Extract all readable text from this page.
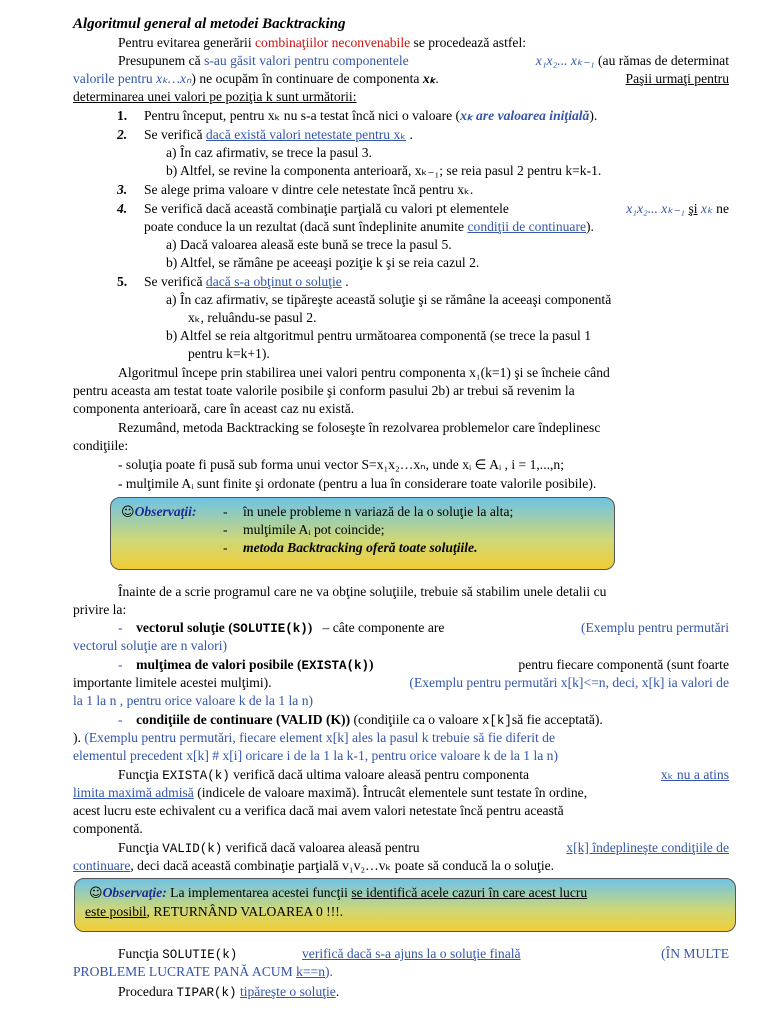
Algoritmul general al metodei Backtracking
Pentru evitarea generării combinaţiilor neconvenabile se procedează astfel:
Presupunem că s-au găsit valori pentru componentele	x₁x₂... xₖ₋₁ (au rămas de determinat
valorile pentru xₖ…xₙ) ne ocupăm în continuare de componenta xₖ.	Paşii urmaţi pentru
determinarea unei valori pe poziţia k sunt următorii:
1. Pentru început, pentru xₖ nu s-a testat încă nici o valoare (xₖ are valoarea iniţială).
2. Se verifică dacă există valori netestate pentru xₖ .
a) În caz afirmativ, se trece la pasul 3.
b) Altfel, se revine la componenta anterioară, xₖ₋₁; se reia pasul 2 pentru k=k-1.
3. Se alege prima valoare v dintre cele netestate încă pentru xₖ.
4. Se verifică dacă această combinaţie parţială cu valori pt elementele	x₁x₂... xₖ₋₁ şi xₖ ne
poate conduce la un rezultat (dacă sunt îndeplinite anumite condiţii de continuare).
a) Dacă valoarea aleasă este bună se trece la pasul 5.
b) Altfel, se rămâne pe aceeaşi poziţie k şi se reia cazul 2.
5. Se verifică dacă s-a obţinut o soluţie .
a) În caz afirmativ, se tipăreşte această soluţie şi se rămâne la aceeaşi componentă
xₖ, reluându-se pasul 2.
b) Altfel se reia altgoritmul pentru următoarea componentă (se trece la pasul 1
pentru k=k+1).
Algoritmul începe prin stabilirea unei valori pentru componenta x₁(k=1) şi se încheie când
pentru aceasta am testat toate valorile posibile şi conform pasului 2b) ar trebui să revenim la
componenta anterioară, care în aceast caz nu există.
Rezumând, metoda Backtracking se foloseşte în rezolvarea problemelor care îndeplinesc
condiţiile:
- soluţia poate fi pusă sub forma unui vector S=x₁x₂…xₙ, unde xᵢ ∈ Aᵢ , i = 1,...,n;
- mulţimile Aᵢ sunt finite şi ordonate (pentru a lua în considerare toate valorile posibile).
☺Observaţii: - în unele probleme n variază de la o soluţie la alta;
- mulţimile Aᵢ pot coincide;
- metoda Backtracking oferă toate soluţiile.
Înainte de a scrie programul care ne va obţine soluţiile, trebuie să stabilim unele detalii cu
privire la:
- vectorul soluţie (SOLUTIE(k)) – câte componente are	(Exemplu pentru permutări
vectorul soluţie are n valori)
- mulţimea de valori posibile (EXISTA(k))	pentru fiecare componentă (sunt foarte
importante limitele acestei mulţimi).	(Exemplu pentru permutări x[k]<=n, deci, x[k] ia valori de
la 1 la n , pentru orice valoare k de la 1 la n)
- condiţiile de continuare (VALID (K)) (condiţiile ca o valoare x[k]să fie acceptată).
). (Exemplu pentru permutări, fiecare element x[k] ales la pasul k trebuie să fie diferit de
elementul precedent x[k] # x[i] oricare i de la 1 la k-1, pentru orice valoare k de la 1 la n)
Funcţia EXISTA(k) verifică dacă ultima valoare aleasă pentru componenta	xₖ nu a atins
limita maximă admisă (indicele de valoare maximă). Întrucât elementele sunt testate în ordine,
acest lucru este echivalent cu a verifica dacă mai avem valori netestate încă pentru această
componentă.
Funcţia VALID(k) verifică dacă valoarea aleasă pentru	x[k] îndeplineşte condiţiile de
continuare, deci dacă această combinaţie parţială v₁v₂…vₖ poate să conducă la o soluţie.
☺Observaţie: La implementarea acestei funcţii se identifică acele cazuri în care acest lucru
este posibil, RETURNÂND VALOAREA 0 !!!.
Funcţia SOLUTIE(k)	verifică dacă s-a ajuns la o soluţie finală	(ÎN MULTE
PROBLEME LUCRATE PANĂ ACUM k==n).
Procedura TIPAR(k) tipăreşte o soluţie.
